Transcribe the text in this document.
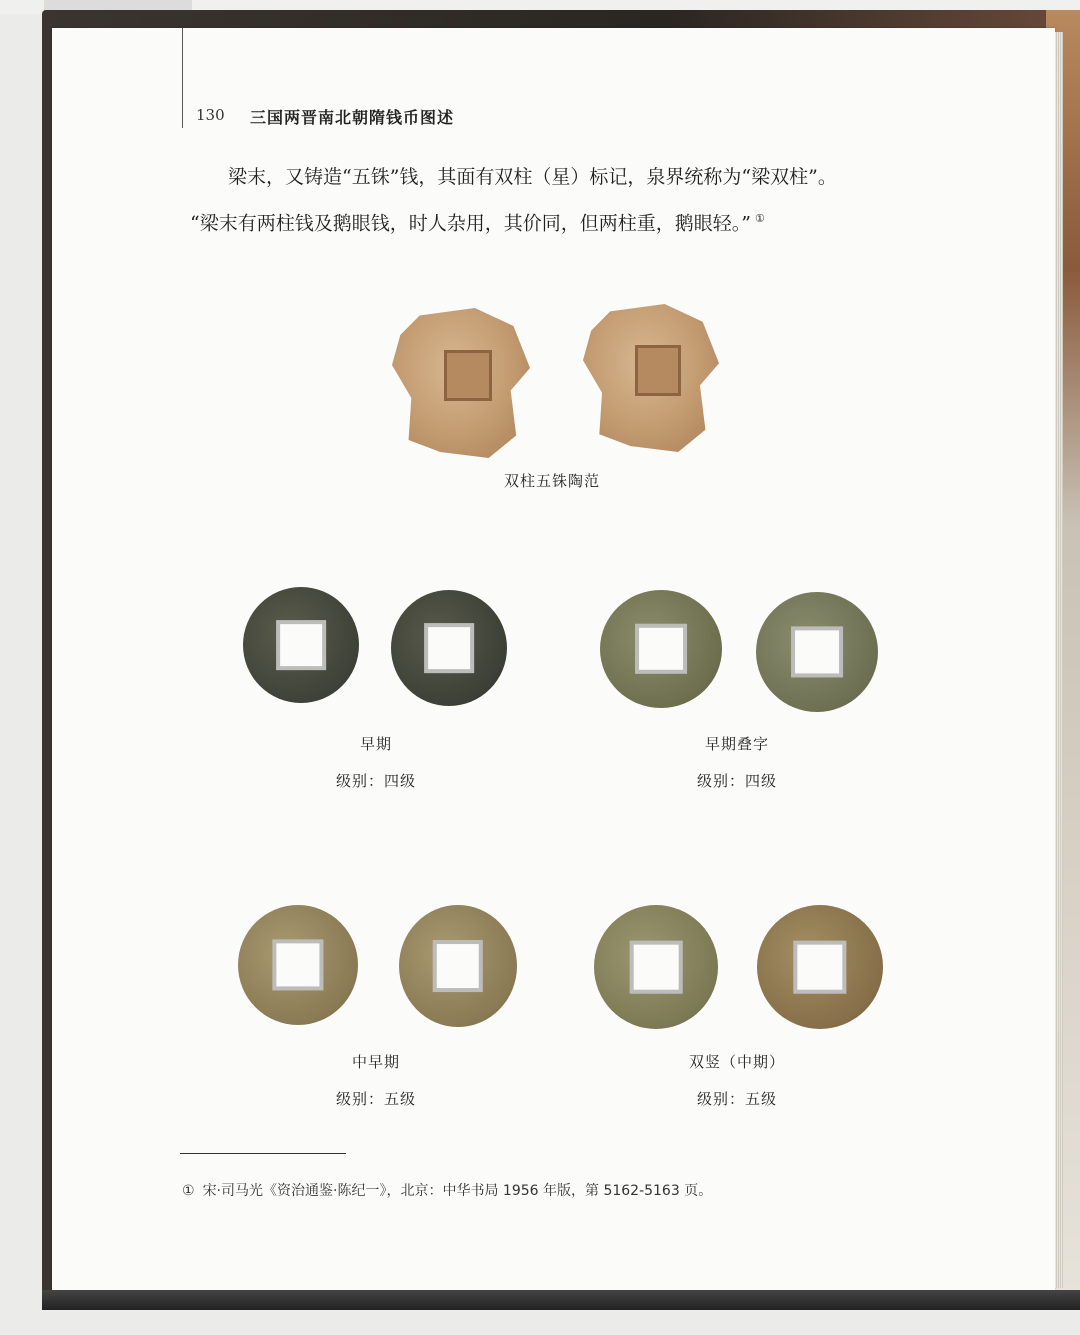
130 三国两晋南北朝隋钱币图述

梁末，又铸造“五铢”钱，其面有双柱（星）标记，泉界统称为“梁双柱”。

“梁末有两柱钱及鹅眼钱，时人杂用，其价同，但两柱重，鹅眼轻。” ①

双柱五铢陶范
早期
级别：四级
早期叠字
级别：四级
中早期
级别：五级
双竖（中期）
级别：五级
① 宋·司马光《资治通鉴·陈纪一》，北京：中华书局 1956 年版，第 5162-5163 页。
